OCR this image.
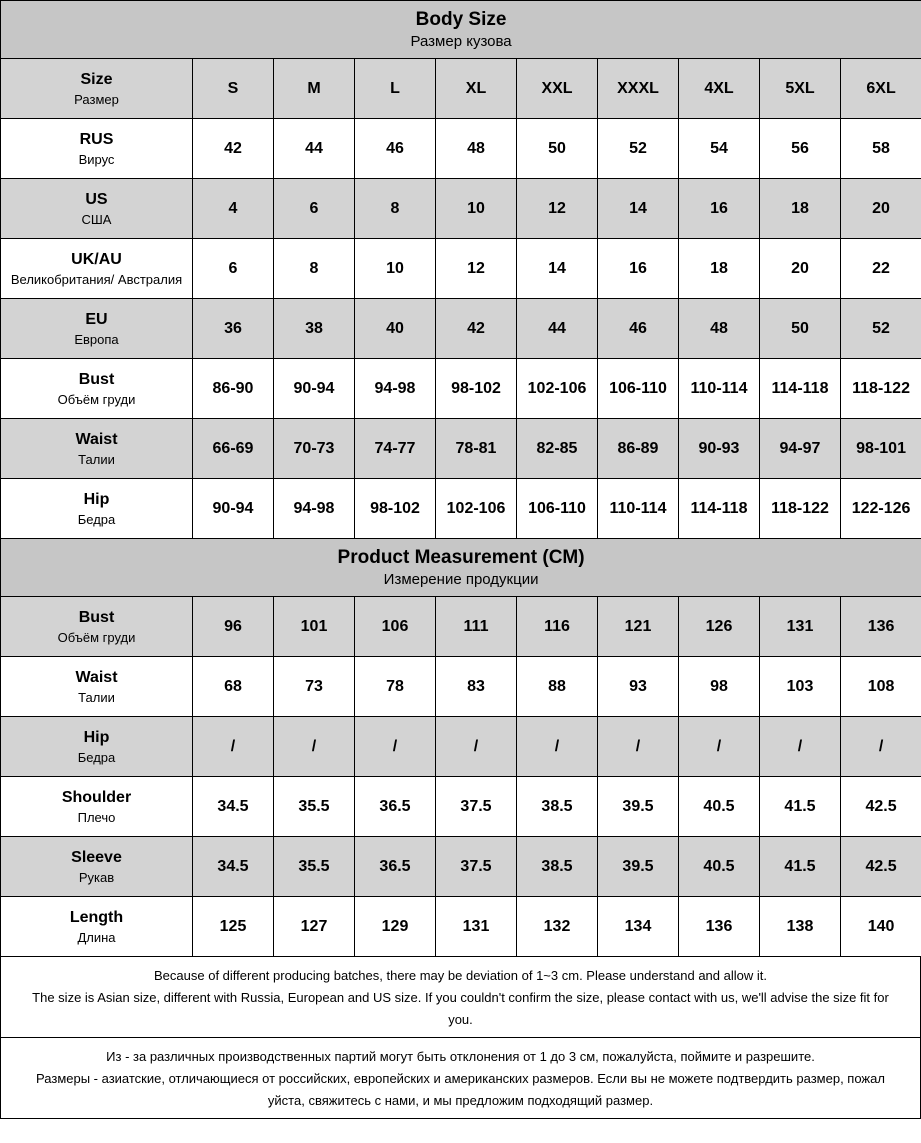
Body Size
Размер кузова									

Size
Размер	S	M	L	XL	XXL	XXXL	4XL	5XL	6XL

RUS
Вирус	42	44	46	48	50	52	54	56	58

US
США	4	6	8	10	12	14	16	18	20

UK/AU
Великобритания/ Австралия	6	8	10	12	14	16	18	20	22

EU
Европа	36	38	40	42	44	46	48	50	52

Bust
Объём груди	86-90	90-94	94-98	98-102	102-106	106-110	110-114	114-118	118-122

Waist
Талии	66-69	70-73	74-77	78-81	82-85	86-89	90-93	94-97	98-101

Hip
Бедра	90-94	94-98	98-102	102-106	106-110	110-114	114-118	118-122	122-126

Product Measurement (CM)
Измерение продукции									

Bust
Объём груди	96	101	106	111	116	121	126	131	136

Waist
Талии	68	73	78	83	88	93	98	103	108

Hip
Бедра	/	/	/	/	/	/	/	/	/

Shoulder
Плечо	34.5	35.5	36.5	37.5	38.5	39.5	40.5	41.5	42.5

Sleeve
Рукав	34.5	35.5	36.5	37.5	38.5	39.5	40.5	41.5	42.5

Length
Длина	125	127	129	131	132	134	136	138	140
Because of different producing batches, there may be deviation of 1~3 cm. Please understand and allow it.
The size is Asian size, different with Russia, European and US size. If you couldn't confirm the size, please contact with us, we'll advise the size fit for
you.
Из - за различных производственных партий могут быть отклонения от 1 до 3 см, пожалуйста, поймите и разрешите.
Размеры - азиатские, отличающиеся от российских, европейских и американских размеров. Если вы не можете подтвердить размер, пожал
уйста, свяжитесь с нами, и мы предложим подходящий размер.
